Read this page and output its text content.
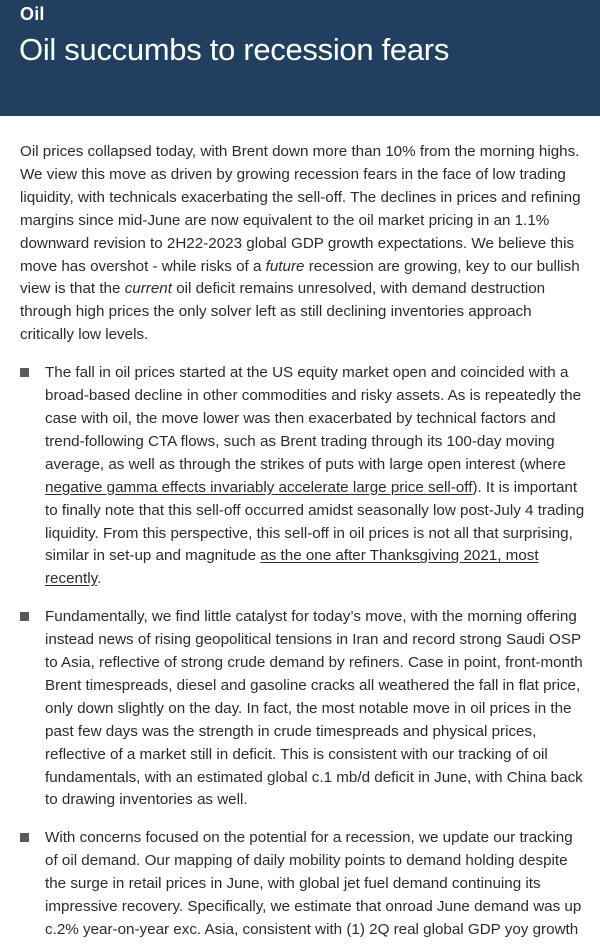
Oil
Oil succumbs to recession fears

Oil prices collapsed today, with Brent down more than 10% from the morning highs. We view this move as driven by growing recession fears in the face of low trading liquidity, with technicals exacerbating the sell-off. The declines in prices and refining margins since mid-June are now equivalent to the oil market pricing in an 1.1% downward revision to 2H22-2023 global GDP growth expectations. We believe this move has overshot - while risks of a future recession are growing, key to our bullish view is that the current oil deficit remains unresolved, with demand destruction through high prices the only solver left as still declining inventories approach critically low levels.

The fall in oil prices started at the US equity market open and coincided with a broad-based decline in other commodities and risky assets. As is repeatedly the case with oil, the move lower was then exacerbated by technical factors and trend-following CTA flows, such as Brent trading through its 100-day moving average, as well as through the strikes of puts with large open interest (where negative gamma effects invariably accelerate large price sell-off). It is important to finally note that this sell-off occurred amidst seasonally low post-July 4 trading liquidity. From this perspective, this sell-off in oil prices is not all that surprising, similar in set-up and magnitude as the one after Thanksgiving 2021, most recently.
Fundamentally, we find little catalyst for today’s move, with the morning offering instead news of rising geopolitical tensions in Iran and record strong Saudi OSP to Asia, reflective of strong crude demand by refiners. Case in point, front-month Brent timespreads, diesel and gasoline cracks all weathered the fall in flat price, only down slightly on the day. In fact, the most notable move in oil prices in the past few days was the strength in crude timespreads and physical prices, reflective of a market still in deficit. This is consistent with our tracking of oil fundamentals, with an estimated global c.1 mb/d deficit in June, with China back to drawing inventories as well.
With concerns focused on the potential for a recession, we update our tracking of oil demand. Our mapping of daily mobility points to demand holding despite the surge in retail prices in June, with global jet fuel demand continuing its impressive recovery. Specifically, we estimate that onroad June demand was up c.2% year-on-year exc. Asia, consistent with (1) 2Q real global GDP yoy growth
